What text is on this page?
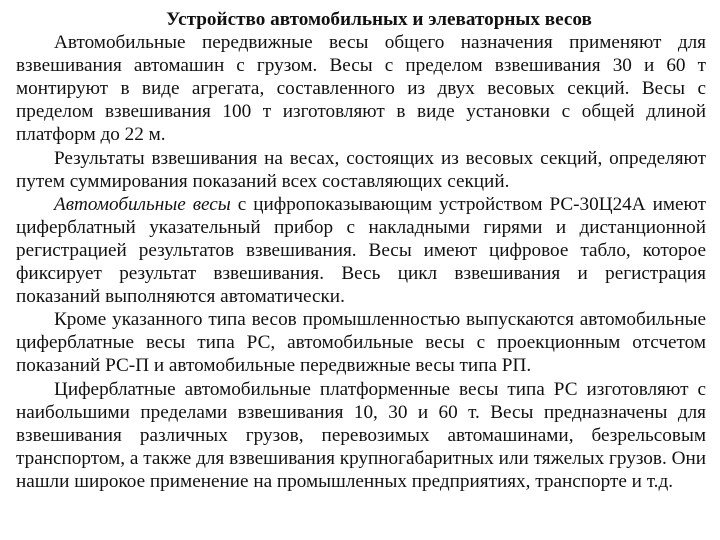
Устройство автомобильных и элеваторных весов

Автомобильные передвижные весы общего назначения применяют для взвешивания автомашин с грузом. Весы с пределом взвешивания 30 и 60 т монтируют в виде агрегата, составленного из двух весовых секций. Весы с пределом взвешивания 100 т изготовляют в виде установки с общей длиной платформ до 22 м.

Результаты взвешивания на весах, состоящих из весовых секций, определяют путем суммирования показаний всех составляющих секций.

Автомобильные весы с цифропоказывающим устройством РС-30Ц24А имеют циферблатный указательный прибор с накладными гирями и дистанционной регистрацией результатов взвешивания. Весы имеют цифровое табло, которое фиксирует результат взвешивания. Весь цикл взвешивания и регистрация показаний выполняются автоматически.

Кроме указанного типа весов промышленностью выпускаются автомобильные циферблатные весы типа РС, автомобильные весы с проекционным отсчетом показаний РС-П и автомобильные передвижные весы типа РП.

Циферблатные автомобильные платформенные весы типа РС изготовляют с наибольшими пределами взвешивания 10, 30 и 60 т. Весы предназначены для взвешивания различных грузов, перевозимых автомашинами, безрельсовым транспортом, а также для взвешивания крупногабаритных или тяжелых грузов. Они нашли широкое применение на промышленных предприятиях, транспорте и т.д.
